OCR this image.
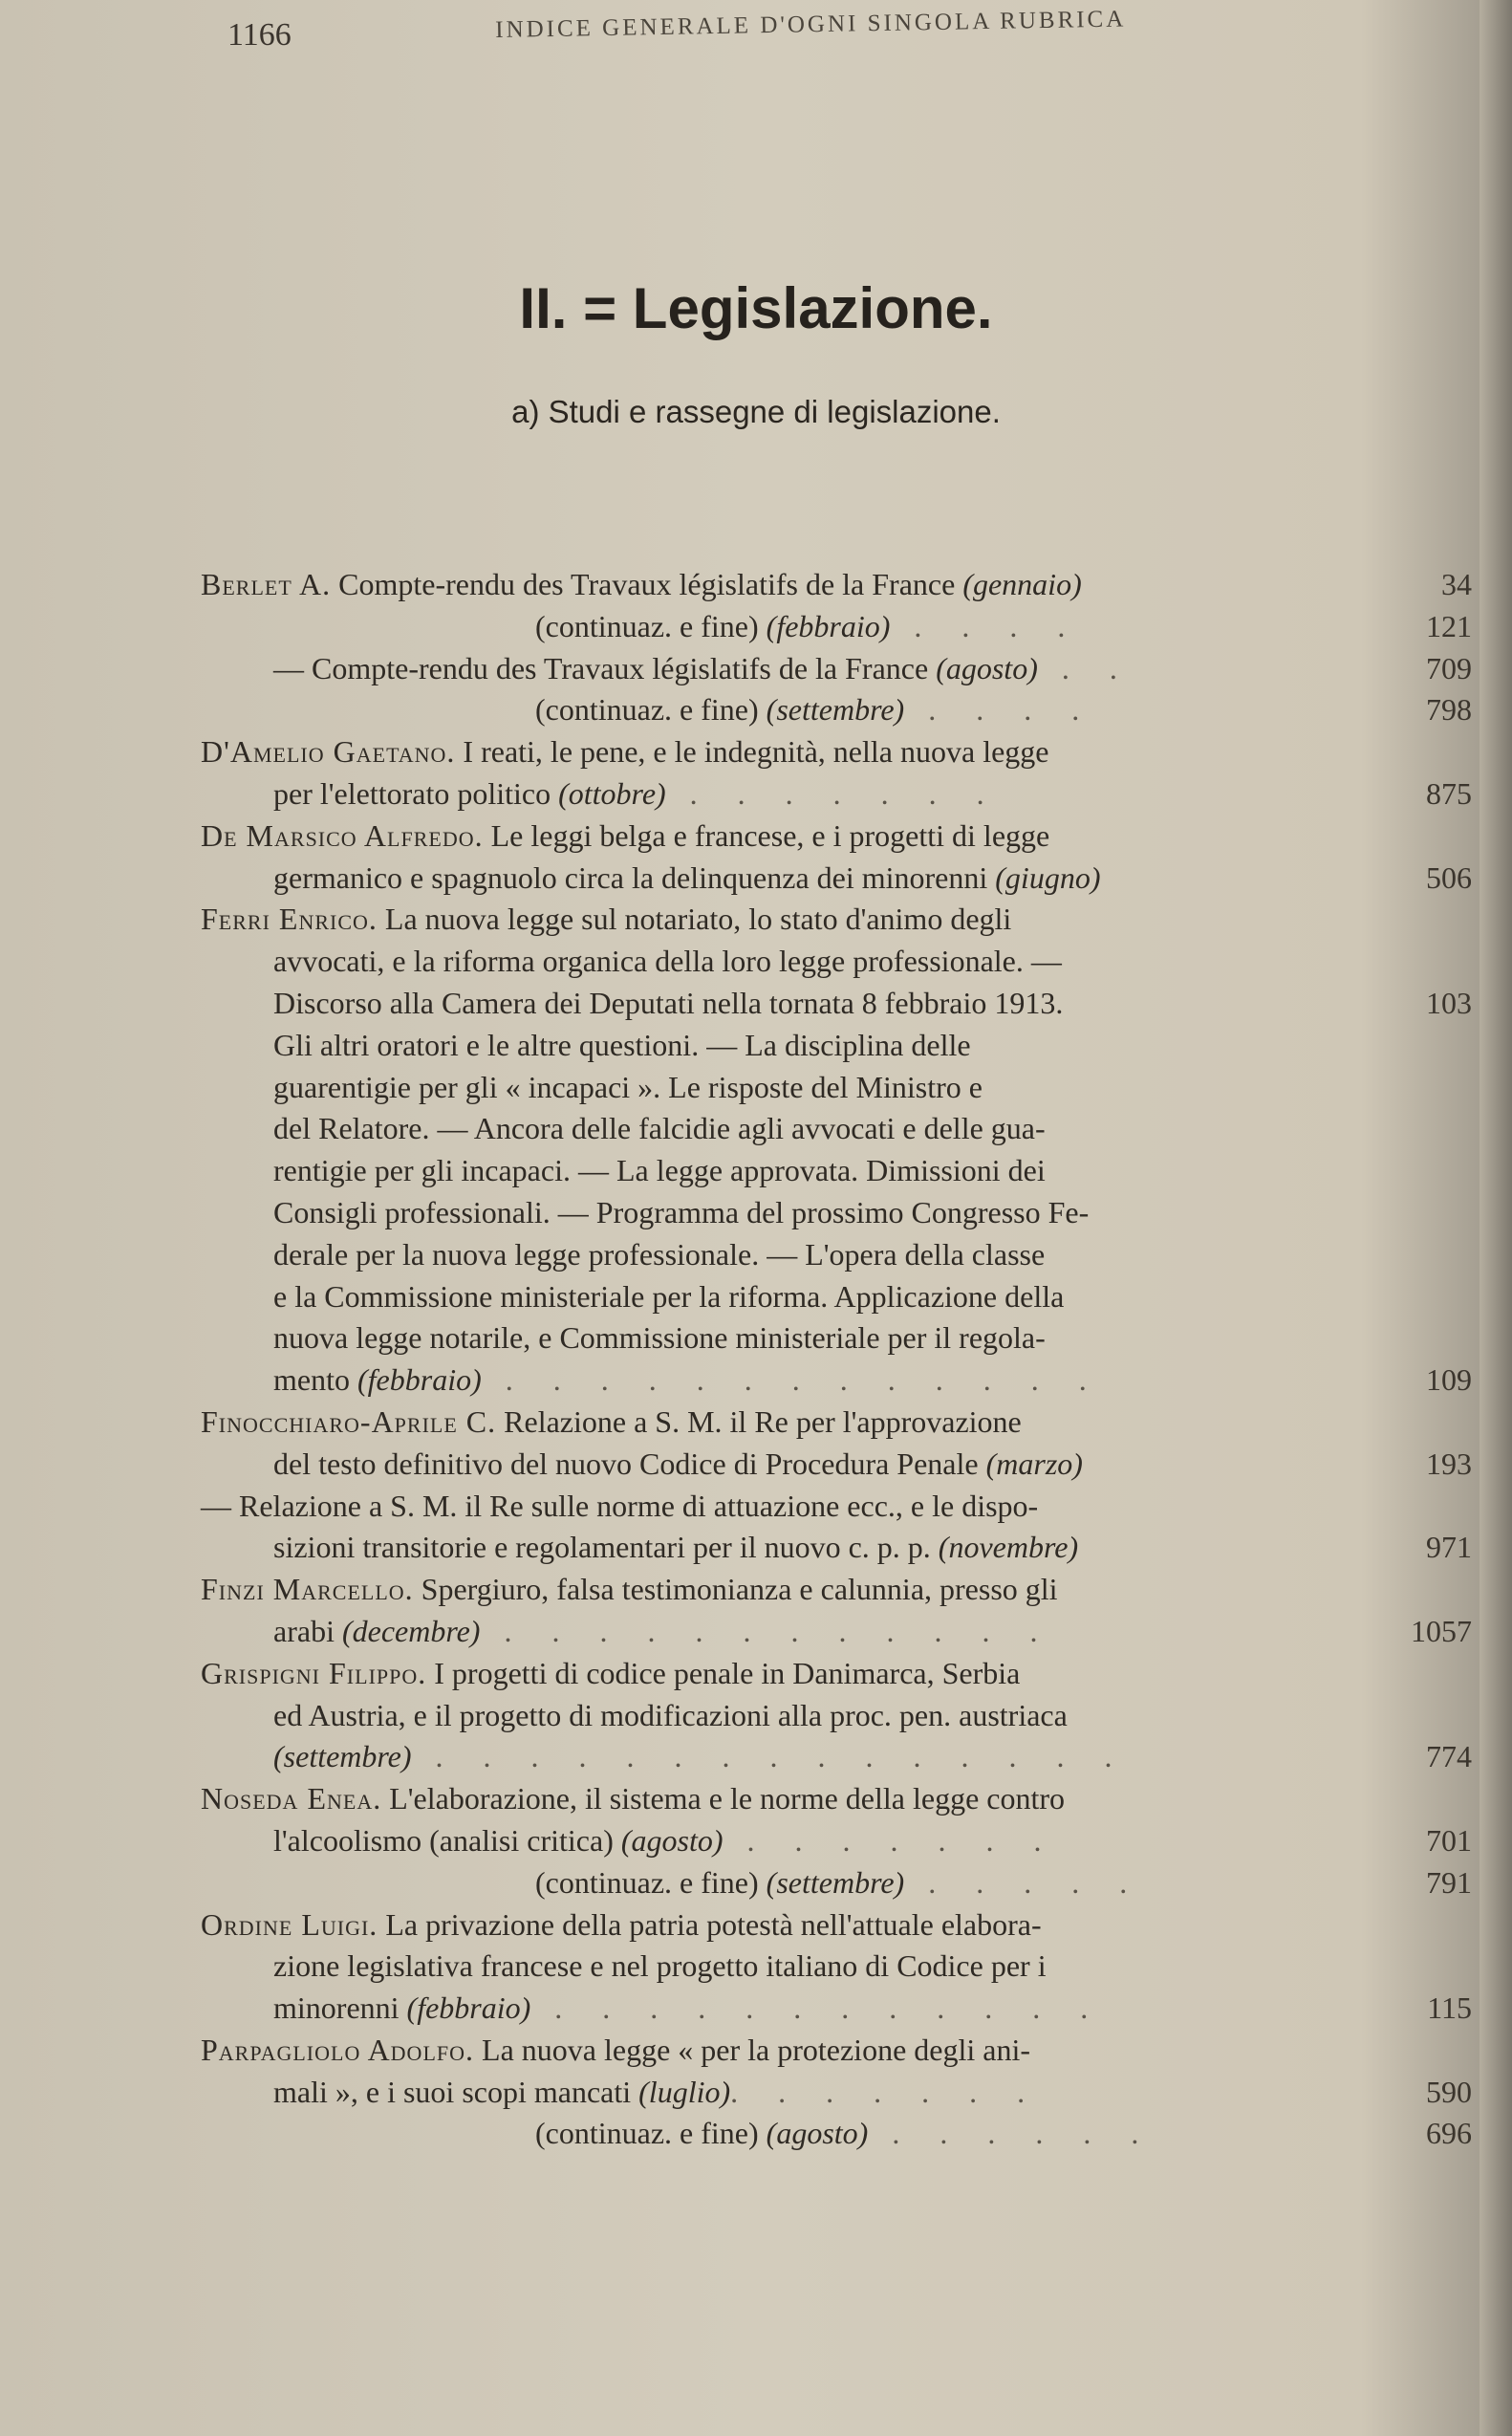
1166	INDICE GENERALE D'OGNI SINGOLA RUBRICA
II. = Legislazione.
a) Studi e rassegne di legislazione.
Berlet A. Compte-rendu des Travaux législatifs de la France (gennaio)	34
(continuaz. e fine) (febbraio) . . . .	121
— Compte-rendu des Travaux législatifs de la France (agosto) . .	709
(continuaz. e fine) (settembre) . . . .	798
D'Amelio Gaetano. I reati, le pene, e le indegnità, nella nuova legge
per l'elettorato politico (ottobre) . . . . . . .	875
De Marsico Alfredo. Le leggi belga e francese, e i progetti di legge
germanico e spagnuolo circa la delinquenza dei minorenni (giugno)	506
Ferri Enrico. La nuova legge sul notariato, lo stato d'animo degli
avvocati, e la riforma organica della loro legge professionale. —
Discorso alla Camera dei Deputati nella tornata 8 febbraio 1913.	103
Gli altri oratori e le altre questioni. — La disciplina delle
guarentigie per gli « incapaci ». Le risposte del Ministro e
del Relatore. — Ancora delle falcidie agli avvocati e delle gua-
rentigie per gli incapaci. — La legge approvata. Dimissioni dei
Consigli professionali. — Programma del prossimo Congresso Fe-
derale per la nuova legge professionale. — L'opera della classe
e la Commissione ministeriale per la riforma. Applicazione della
nuova legge notarile, e Commissione ministeriale per il regola-
mento (febbraio) . . . . . . . . . . . . .	109
Finocchiaro-Aprile C. Relazione a S. M. il Re per l'approvazione
del testo definitivo del nuovo Codice di Procedura Penale (marzo)	193
— Relazione a S. M. il Re sulle norme di attuazione ecc., e le dispo-
sizioni transitorie e regolamentari per il nuovo c. p. p. (novembre)	971
Finzi Marcello. Spergiuro, falsa testimonianza e calunnia, presso gli
arabi (decembre) . . . . . . . . . . . .	1057
Grispigni Filippo. I progetti di codice penale in Danimarca, Serbia
ed Austria, e il progetto di modificazioni alla proc. pen. austriaca
(settembre) . . . . . . . . . . . . . . .	774
Noseda Enea. L'elaborazione, il sistema e le norme della legge contro
l'alcoolismo (analisi critica) (agosto) . . . . . . .	701
(continuaz. e fine) (settembre) . . . . .	791
Ordine Luigi. La privazione della patria potestà nell'attuale elabora-
zione legislativa francese e nel progetto italiano di Codice per i
minorenni (febbraio) . . . . . . . . . . . .	115
Parpagliolo Adolfo. La nuova legge « per la protezione degli ani-
mali », e i suoi scopi mancati (luglio). . . . . . .	590
(continuaz. e fine) (agosto) . . . . . .	696
